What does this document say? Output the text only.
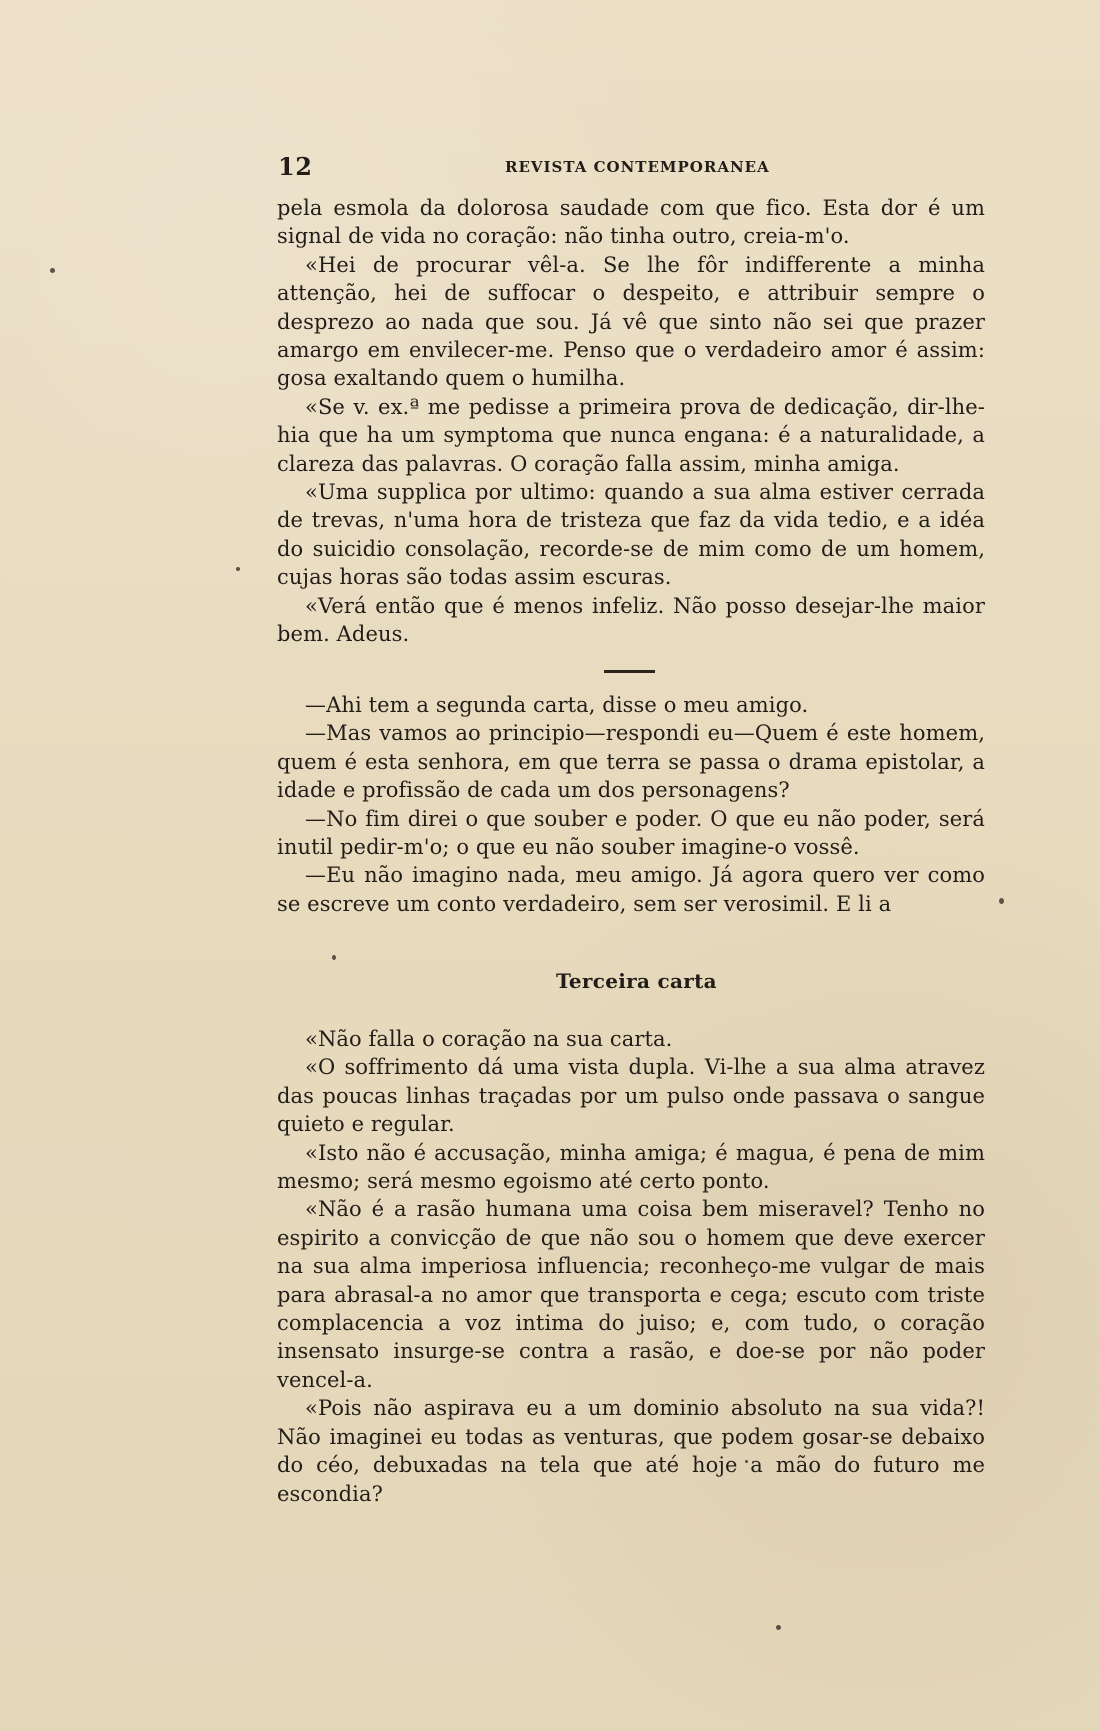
12	REVISTA CONTEMPORANEA

pela esmola da dolorosa saudade com que fico. Esta dor é um signal de vida no coração: não tinha outro, creia-m'o.

«Hei de procurar vêl-a. Se lhe fôr indifferente a minha attenção, hei de suffocar o despeito, e attribuir sempre o desprezo ao nada que sou. Já vê que sinto não sei que prazer amargo em envilecer-me. Penso que o verdadeiro amor é assim: gosa exaltando quem o humilha.

«Se v. ex.ª me pedisse a primeira prova de dedicação, dir-lhe-hia que ha um symptoma que nunca engana: é a naturalidade, a clareza das palavras. O coração falla assim, minha amiga.

«Uma supplica por ultimo: quando a sua alma estiver cerrada de trevas, n'uma hora de tristeza que faz da vida tedio, e a idéa do suicidio consolação, recorde-se de mim como de um homem, cujas horas são todas assim escuras.

«Verá então que é menos infeliz. Não posso desejar-lhe maior bem. Adeus.

—Ahi tem a segunda carta, disse o meu amigo.

—Mas vamos ao principio—respondi eu—Quem é este homem, quem é esta senhora, em que terra se passa o drama epistolar, a idade e profissão de cada um dos personagens?

—No fim direi o que souber e poder. O que eu não poder, será inutil pedir-m'o; o que eu não souber imagine-o vossê.

—Eu não imagino nada, meu amigo. Já agora quero ver como se escreve um conto verdadeiro, sem ser verosimil. E li a

Terceira carta

«Não falla o coração na sua carta.

«O soffrimento dá uma vista dupla. Vi-lhe a sua alma atravez das poucas linhas traçadas por um pulso onde passava o sangue quieto e regular.

«Isto não é accusação, minha amiga; é magua, é pena de mim mesmo; será mesmo egoismo até certo ponto.

«Não é a rasão humana uma coisa bem miseravel? Tenho no espirito a convicção de que não sou o homem que deve exercer na sua alma imperiosa influencia; reconheço-me vulgar de mais para abrasal-a no amor que transporta e cega; escuto com triste complacencia a voz intima do juiso; e, com tudo, o coração insensato insurge-se contra a rasão, e doe-se por não poder vencel-a.

«Pois não aspirava eu a um dominio absoluto na sua vida?! Não imaginei eu todas as venturas, que podem gosar-se debaixo do céo, debuxadas na tela que até hoje a mão do futuro me escondia?
